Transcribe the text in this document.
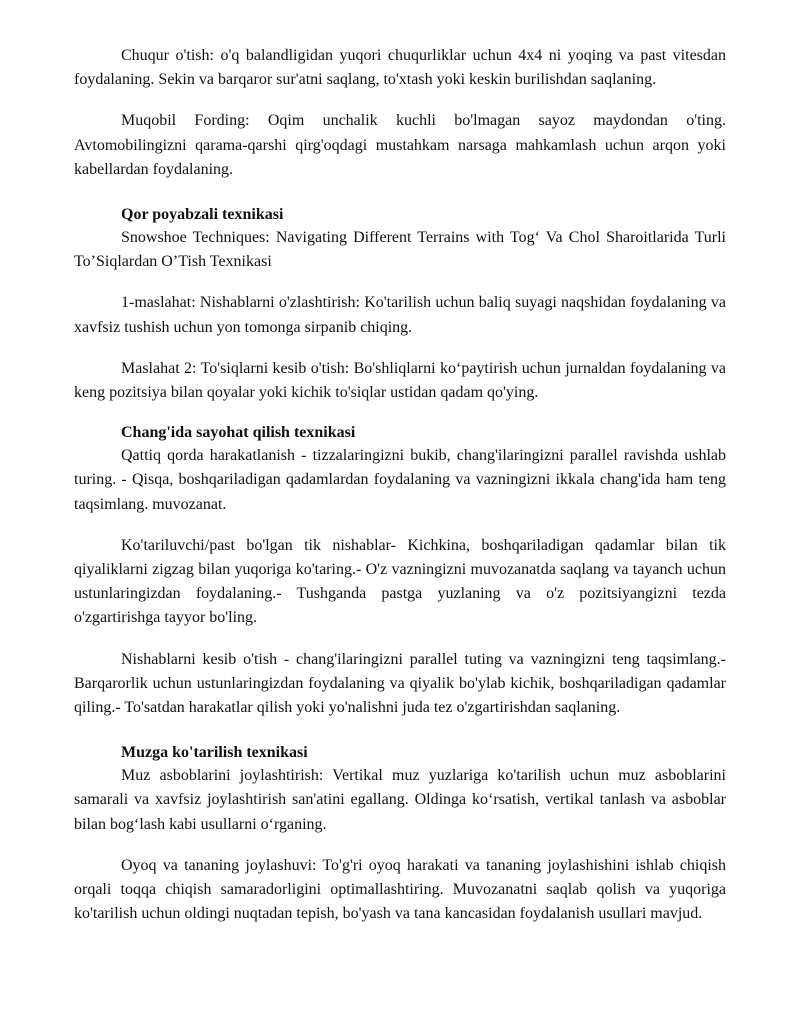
Chuqur o'tish: o'q balandligidan yuqori chuqurliklar uchun 4x4 ni yoqing va past vitesdan foydalaning. Sekin va barqaror sur'atni saqlang, to'xtash yoki keskin burilishdan saqlaning.

Muqobil Fording: Oqim unchalik kuchli bo'lmagan sayoz maydondan o'ting. Avtomobilingizni qarama-qarshi qirg'oqdagi mustahkam narsaga mahkamlash uchun arqon yoki kabellardan foydalaning.

Qor poyabzali texnikasi

Snowshoe Techniques: Navigating Different Terrains with Tog‘ Va Chol Sharoitlarida Turli To’Siqlardan O’Tish Texnikasi

1-maslahat: Nishablarni o'zlashtirish: Ko'tarilish uchun baliq suyagi naqshidan foydalaning va xavfsiz tushish uchun yon tomonga sirpanib chiqing.

Maslahat 2: To'siqlarni kesib o'tish: Bo'shliqlarni ko‘paytirish uchun jurnaldan foydalaning va keng pozitsiya bilan qoyalar yoki kichik to'siqlar ustidan qadam qo'ying.

Chang'ida sayohat qilish texnikasi

Qattiq qorda harakatlanish - tizzalaringizni bukib, chang'ilaringizni parallel ravishda ushlab turing. - Qisqa, boshqariladigan qadamlardan foydalaning va vazningizni ikkala chang'ida ham teng taqsimlang. muvozanat.

Ko'tariluvchi/past bo'lgan tik nishablar- Kichkina, boshqariladigan qadamlar bilan tik qiyaliklarni zigzag bilan yuqoriga ko'taring.- O'z vazningizni muvozanatda saqlang va tayanch uchun ustunlaringizdan foydalaning.- Tushganda pastga yuzlaning va o'z pozitsiyangizni tezda o'zgartirishga tayyor bo'ling.

Nishablarni kesib o'tish - chang'ilaringizni parallel tuting va vazningizni teng taqsimlang.- Barqarorlik uchun ustunlaringizdan foydalaning va qiyalik bo'ylab kichik, boshqariladigan qadamlar qiling.- To'satdan harakatlar qilish yoki yo'nalishni juda tez o'zgartirishdan saqlaning.

Muzga ko'tarilish texnikasi

Muz asboblarini joylashtirish: Vertikal muz yuzlariga ko'tarilish uchun muz asboblarini samarali va xavfsiz joylashtirish san'atini egallang. Oldinga ko‘rsatish, vertikal tanlash va asboblar bilan bog‘lash kabi usullarni o‘rganing.

Oyoq va tananing joylashuvi: To'g'ri oyoq harakati va tananing joylashishini ishlab chiqish orqali toqqa chiqish samaradorligini optimallashtiring. Muvozanatni saqlab qolish va yuqoriga ko'tarilish uchun oldingi nuqtadan tepish, bo'yash va tana kancasidan foydalanish usullari mavjud.
